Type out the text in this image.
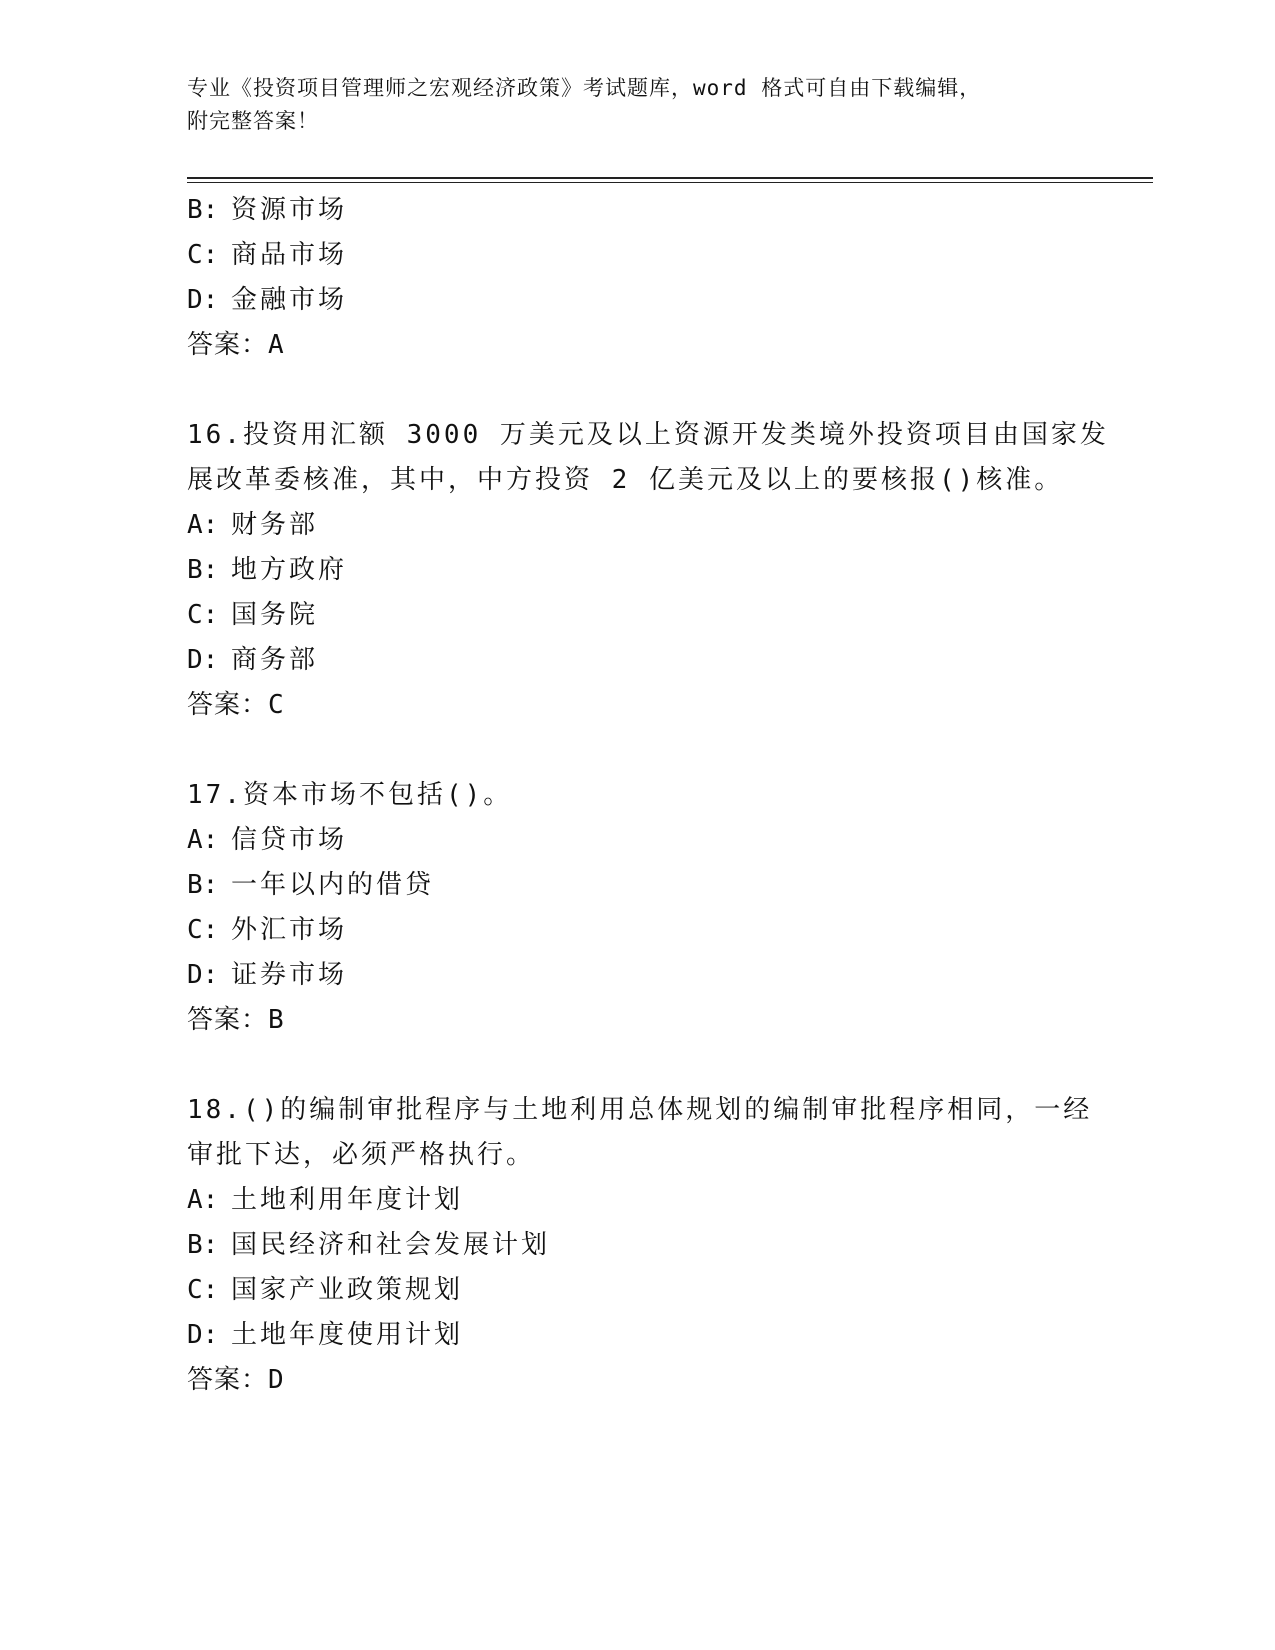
专业《投资项目管理师之宏观经济政策》考试题库，word 格式可自由下载编辑，
附完整答案！
B: 资源市场
C: 商品市场
D: 金融市场
答案：A
16.投资用汇额 3000 万美元及以上资源开发类境外投资项目由国家发
展改革委核准，其中，中方投资 2 亿美元及以上的要核报()核准。
A: 财务部
B: 地方政府
C: 国务院
D: 商务部
答案：C
17.资本市场不包括()。
A: 信贷市场
B: 一年以内的借贷
C: 外汇市场
D: 证券市场
答案：B
18.()的编制审批程序与土地利用总体规划的编制审批程序相同，一经
审批下达，必须严格执行。
A: 土地利用年度计划
B: 国民经济和社会发展计划
C: 国家产业政策规划
D: 土地年度使用计划
答案：D
